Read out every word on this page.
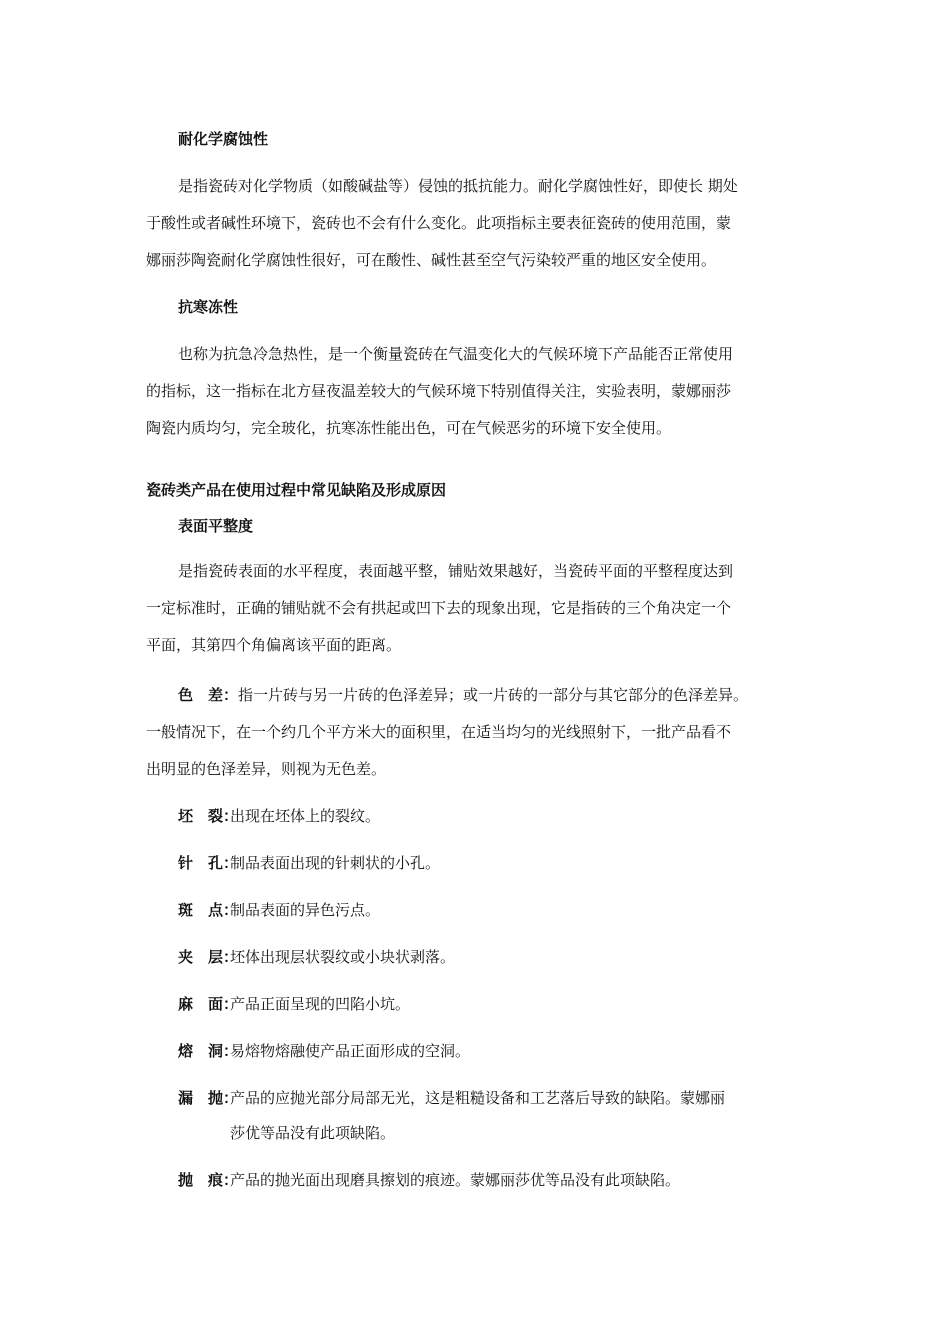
耐化学腐蚀性
是指瓷砖对化学物质（如酸碱盐等）侵蚀的抵抗能力。耐化学腐蚀性好，即使长 期处
于酸性或者碱性环境下，瓷砖也不会有什么变化。此项指标主要表征瓷砖的使用范围，蒙
娜丽莎陶瓷耐化学腐蚀性很好，可在酸性、碱性甚至空气污染较严重的地区安全使用。
抗寒冻性
也称为抗急冷急热性，是一个衡量瓷砖在气温变化大的气候环境下产品能否正常使用
的指标，这一指标在北方昼夜温差较大的气候环境下特别值得关注，实验表明，蒙娜丽莎
陶瓷内质均匀，完全玻化，抗寒冻性能出色，可在气候恶劣的环境下安全使用。
瓷砖类产品在使用过程中常见缺陷及形成原因
表面平整度
是指瓷砖表面的水平程度，表面越平整，铺贴效果越好，当瓷砖平面的平整程度达到
一定标准时，正确的铺贴就不会有拱起或凹下去的现象出现，它是指砖的三个角决定一个
平面，其第四个角偏离该平面的距离。
色　差：指一片砖与另一片砖的色泽差异；或一片砖的一部分与其它部分的色泽差异。
一般情况下，在一个约几个平方米大的面积里，在适当均匀的光线照射下，一批产品看不
出明显的色泽差异，则视为无色差。
坯　裂：出现在坯体上的裂纹。
针　孔：制品表面出现的针刺状的小孔。
斑　点：制品表面的异色污点。
夹　层：坯体出现层状裂纹或小块状剥落。
麻　面：产品正面呈现的凹陷小坑。
熔　洞：易熔物熔融使产品正面形成的空洞。
漏　抛：产品的应抛光部分局部无光，这是粗糙设备和工艺落后导致的缺陷。蒙娜丽
莎优等品没有此项缺陷。
抛　痕：产品的抛光面出现磨具擦划的痕迹。蒙娜丽莎优等品没有此项缺陷。
